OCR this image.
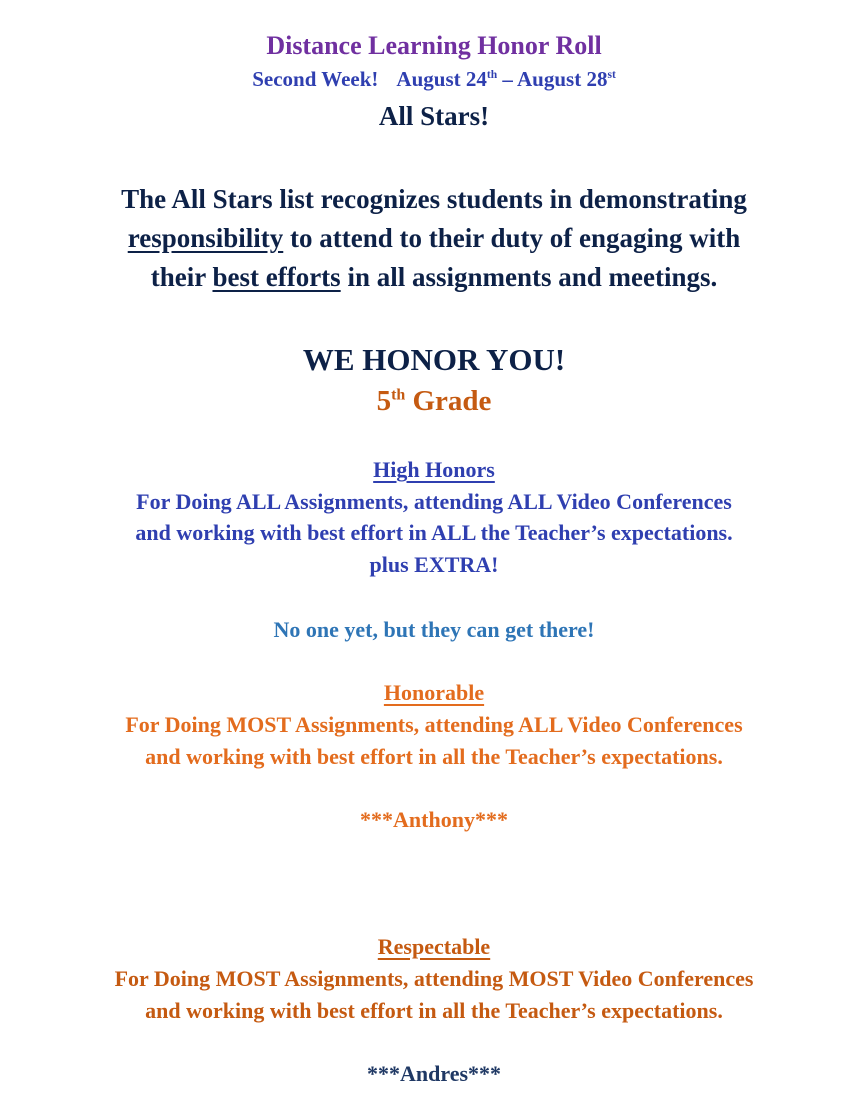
Distance Learning Honor Roll
Second Week! August 24th – August 28st
All Stars!
The All Stars list recognizes students in demonstrating
responsibility to attend to their duty of engaging with
their best efforts in all assignments and meetings.
WE HONOR YOU!
5th Grade
High Honors
For Doing ALL Assignments, attending ALL Video Conferences
and working with best effort in ALL the Teacher’s expectations.
plus EXTRA!
No one yet, but they can get there!
Honorable
For Doing MOST Assignments, attending ALL Video Conferences
and working with best effort in all the Teacher’s expectations.
***Anthony***
Respectable
For Doing MOST Assignments, attending MOST Video Conferences
and working with best effort in all the Teacher’s expectations.
***Andres***
